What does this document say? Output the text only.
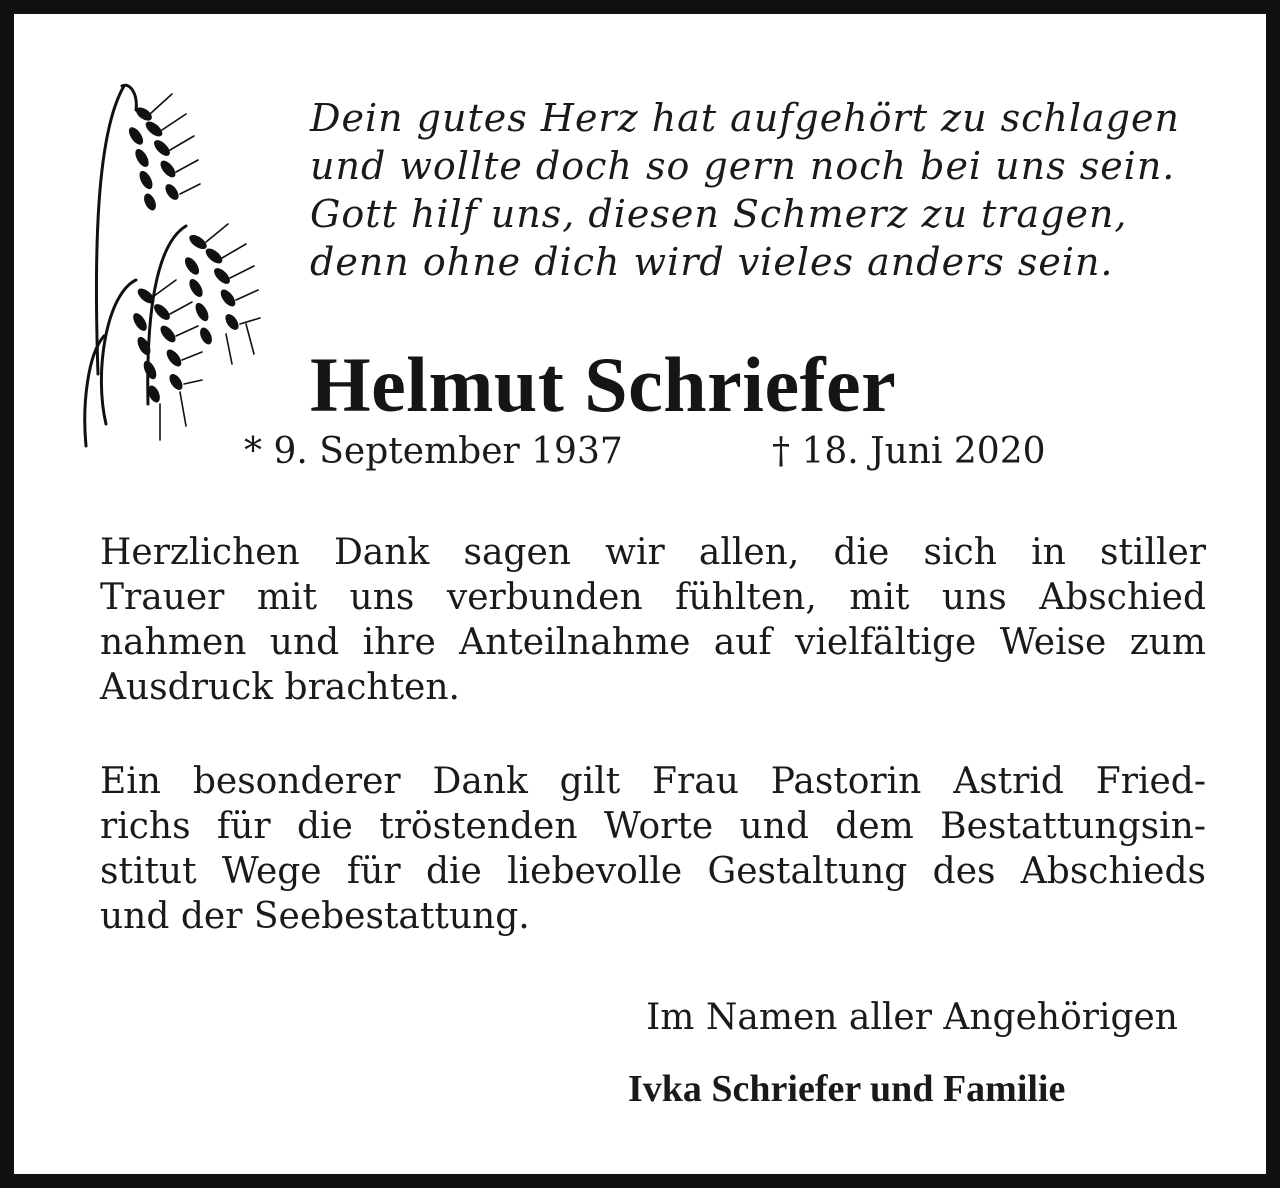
Dein gutes Herz hat aufgehört zu schlagen
und wollte doch so gern noch bei uns sein.
Gott hilf uns, diesen Schmerz zu tragen,
denn ohne dich wird vieles anders sein.
Helmut Schriefer
* 9. September 1937	† 18. Juni 2020
Herzlichen Dank sagen wir allen, die sich in stiller
Trauer mit uns verbunden fühlten, mit uns Abschied
nahmen und ihre Anteilnahme auf vielfältige Weise zum
Ausdruck brachten.
Ein besonderer Dank gilt Frau Pastorin Astrid Fried-
richs für die tröstenden Worte und dem Bestattungsin-
stitut Wege für die liebevolle Gestaltung des Abschieds
und der Seebestattung.
Im Namen aller Angehörigen
Ivka Schriefer und Familie
